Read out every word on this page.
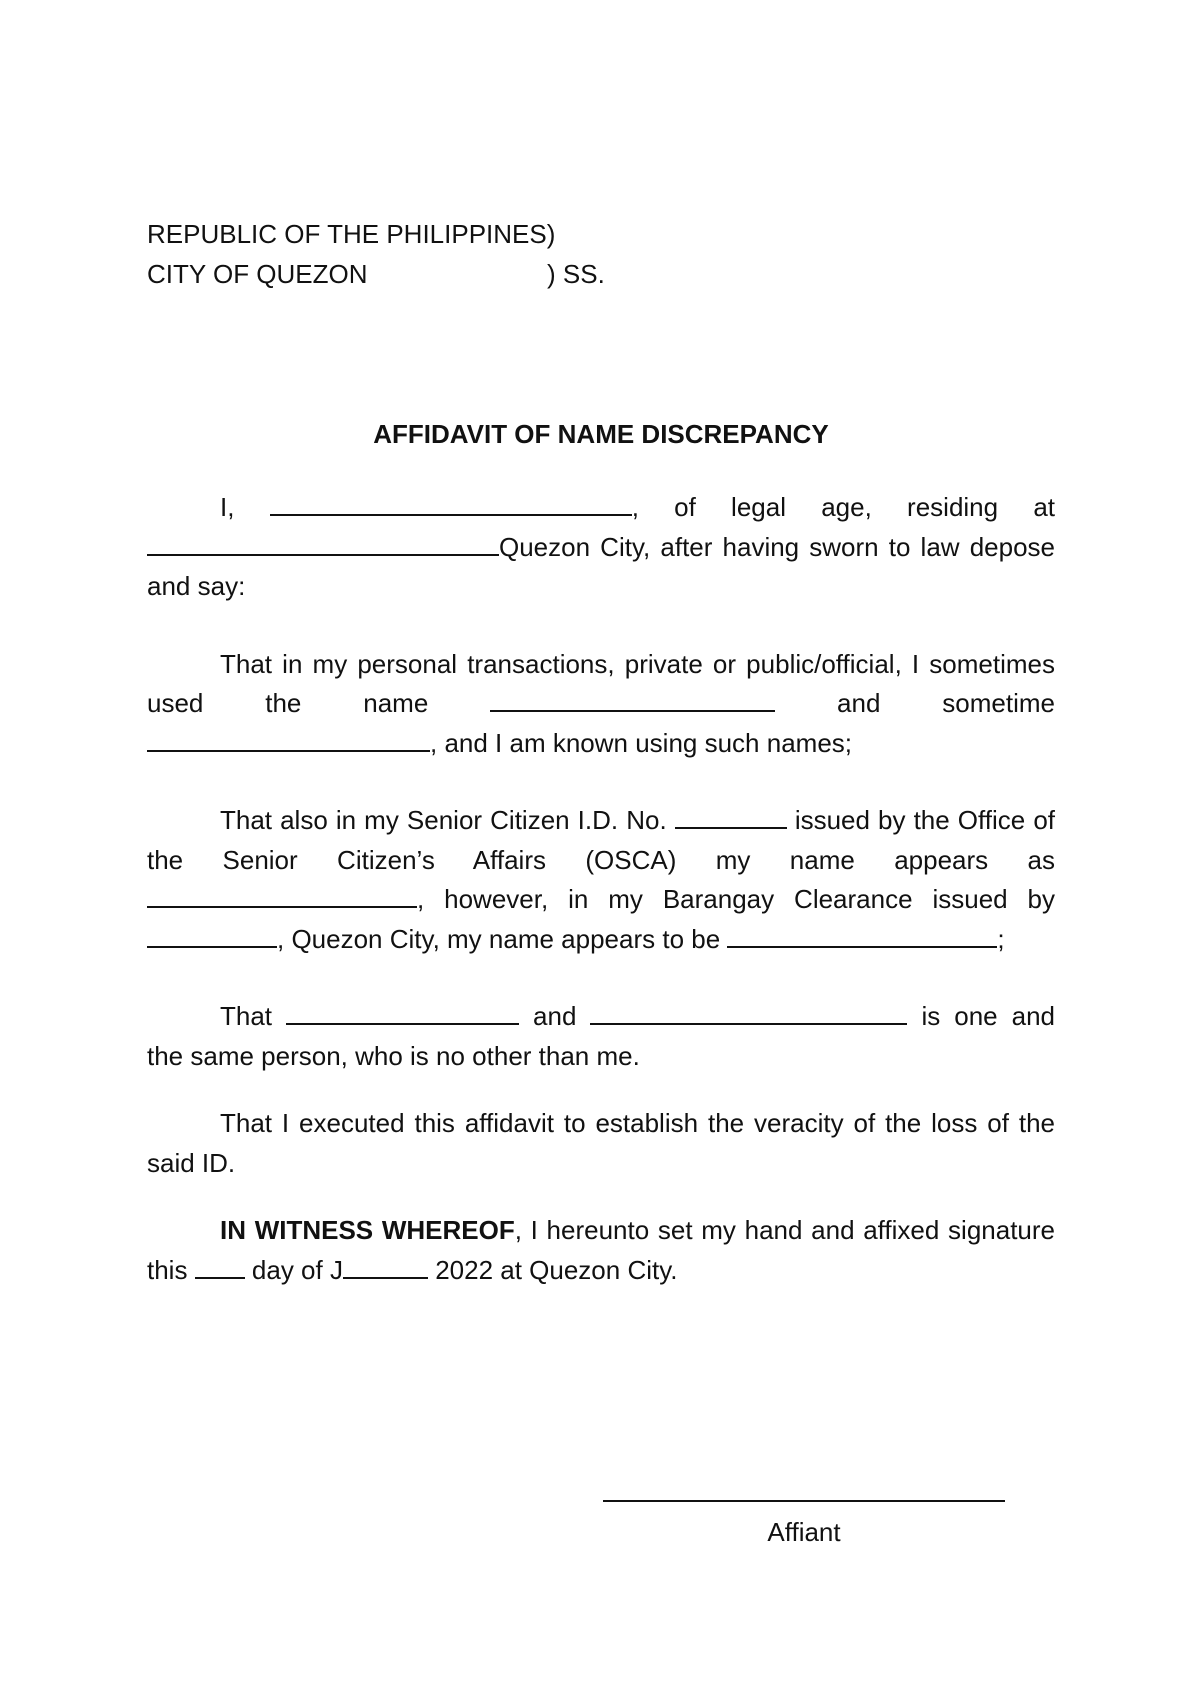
REPUBLIC OF THE PHILIPPINES)
CITY OF QUEZON	) SS.
AFFIDAVIT OF NAME DISCREPANCY

I,	, of legal age, residing at Quezon City, after having sworn to law depose and say:

That in my personal transactions, private or public/official, I sometimes used the name	and sometime , and I am known using such names;

That also in my Senior Citizen I.D. No.	issued by the Office of the Senior Citizen’s Affairs (OSCA) my name appears as , however, in my Barangay Clearance issued by , Quezon City, my name appears to be	;

That	and	is one and the same person, who is no other than me.

That I executed this affidavit to establish the veracity of the loss of the said ID.

IN WITNESS WHEREOF, I hereunto set my hand and affixed signature this  day of J	2022 at Quezon City.

Affiant
